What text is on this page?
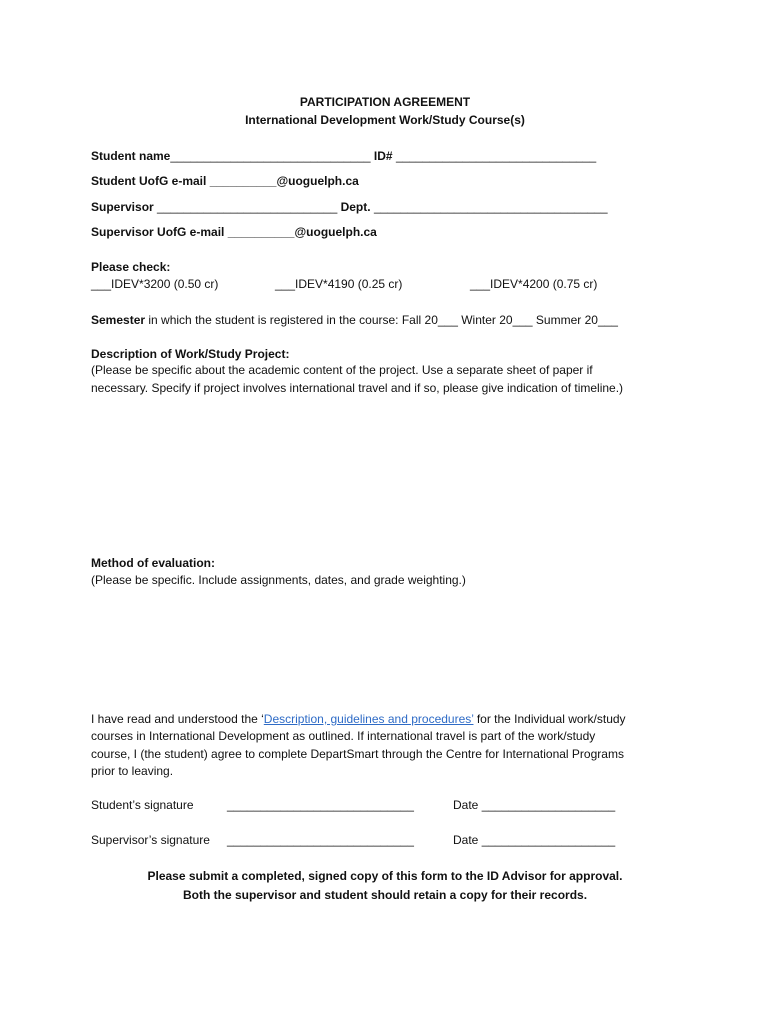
PARTICIPATION AGREEMENT
International Development Work/Study Course(s)
Student name______________________________ ID# ______________________________
Student UofG e-mail __________@uoguelph.ca
Supervisor ___________________________ Dept. ___________________________________
Supervisor UofG e-mail __________@uoguelph.ca
Please check:
___IDEV*3200 (0.50 cr)	___IDEV*4190 (0.25 cr)	___IDEV*4200 (0.75 cr)
Semester in which the student is registered in the course: Fall 20___ Winter 20___ Summer 20___
Description of Work/Study Project:
(Please be specific about the academic content of the project. Use a separate sheet of paper if
necessary. Specify if project involves international travel and if so, please give indication of timeline.)
Method of evaluation:
(Please be specific. Include assignments, dates, and grade weighting.)
I have read and understood the ‘Description, guidelines and procedures’ for the Individual work/study
courses in International Development as outlined. If international travel is part of the work/study
course, I (the student) agree to complete DepartSmart through the Centre for International Programs
prior to leaving.
Student’s signature	____________________________	Date ____________________
Supervisor’s signature ____________________________	Date ____________________
Please submit a completed, signed copy of this form to the ID Advisor for approval.
Both the supervisor and student should retain a copy for their records.
